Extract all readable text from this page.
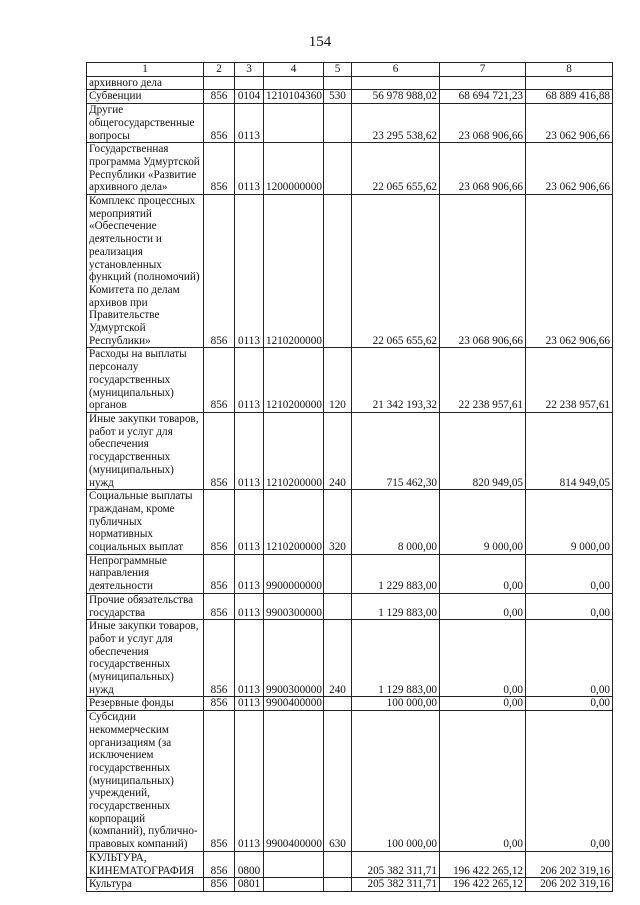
154
1	2	3	4	5	6	7	8
архивного дела							
Субвенции	856	0104	1210104360	530	56 978 988,02	68 694 721,23	68 889 416,88
Другие общегосударственные вопросы	856	0113			23 295 538,62	23 068 906,66	23 062 906,66
Государственная программа Удмуртской Республики «Развитие архивного дела»	856	0113	1200000000		22 065 655,62	23 068 906,66	23 062 906,66
Комплекс процессных мероприятий «Обеспечение деятельности и реализация установленных функций (полномочий) Комитета по делам архивов при Правительстве Удмуртской Республики»	856	0113	1210200000		22 065 655,62	23 068 906,66	23 062 906,66
Расходы на выплаты персоналу государственных (муниципальных) органов	856	0113	1210200000	120	21 342 193,32	22 238 957,61	22 238 957,61
Иные закупки товаров, работ и услуг для обеспечения государственных (муниципальных) нужд	856	0113	1210200000	240	715 462,30	820 949,05	814 949,05
Социальные выплаты гражданам, кроме публичных нормативных социальных выплат	856	0113	1210200000	320	8 000,00	9 000,00	9 000,00
Непрограммные направления деятельности	856	0113	9900000000		1 229 883,00	0,00	0,00
Прочие обязательства государства	856	0113	9900300000		1 129 883,00	0,00	0,00
Иные закупки товаров, работ и услуг для обеспечения государственных (муниципальных) нужд	856	0113	9900300000	240	1 129 883,00	0,00	0,00
Резервные фонды	856	0113	9900400000		100 000,00	0,00	0,00
Субсидии некоммерческим организациям (за исключением государственных (муниципальных) учреждений, государственных корпораций (компаний), публично-правовых компаний)	856	0113	9900400000	630	100 000,00	0,00	0,00
КУЛЬТУРА, КИНЕМАТОГРАФИЯ	856	0800			205 382 311,71	196 422 265,12	206 202 319,16
Культура	856	0801			205 382 311,71	196 422 265,12	206 202 319,16
